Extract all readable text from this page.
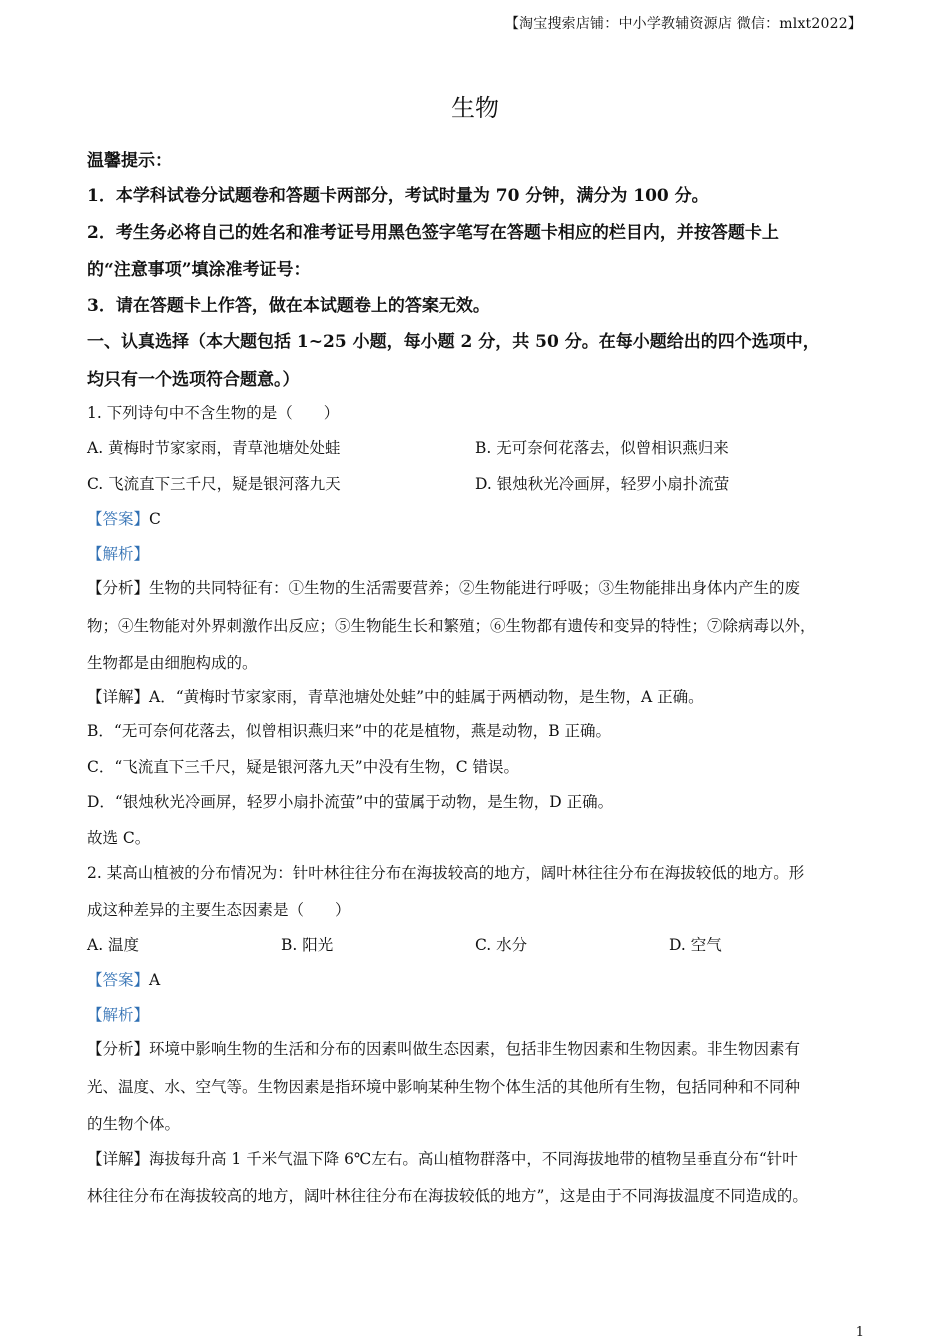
【淘宝搜索店铺：中小学教辅资源店 微信：mlxt2022】
生物
温馨提示：
1．本学科试卷分试题卷和答题卡两部分，考试时量为 70 分钟，满分为 100 分。
2．考生务必将自己的姓名和准考证号用黑色签字笔写在答题卡相应的栏目内，并按答题卡上
的“注意事项”填涂准考证号：
3．请在答题卡上作答，做在本试题卷上的答案无效。
一、认真选择（本大题包括 1~25 小题，每小题 2 分，共 50 分。在每小题给出的四个选项中，
均只有一个选项符合题意。）
1. 下列诗句中不含生物的是（　　）
A. 黄梅时节家家雨，青草池塘处处蛙	B. 无可奈何花落去，似曾相识燕归来
C. 飞流直下三千尺，疑是银河落九天	D. 银烛秋光冷画屏，轻罗小扇扑流萤
【答案】C
【解析】
【分析】生物的共同特征有：①生物的生活需要营养；②生物能进行呼吸；③生物能排出身体内产生的废
物；④生物能对外界刺激作出反应；⑤生物能生长和繁殖；⑥生物都有遗传和变异的特性；⑦除病毒以外，
生物都是由细胞构成的。
【详解】A．“黄梅时节家家雨，青草池塘处处蛙”中的蛙属于两栖动物，是生物，A 正确。
B．“无可奈何花落去，似曾相识燕归来”中的花是植物，燕是动物，B 正确。
C．“飞流直下三千尺，疑是银河落九天”中没有生物，C 错误。
D．“银烛秋光冷画屏，轻罗小扇扑流萤”中的萤属于动物，是生物，D 正确。
故选 C。
2. 某高山植被的分布情况为：针叶林往往分布在海拔较高的地方，阔叶林往往分布在海拔较低的地方。形
成这种差异的主要生态因素是（　　）
A. 温度	B. 阳光	C. 水分	D. 空气
【答案】A
【解析】
【分析】环境中影响生物的生活和分布的因素叫做生态因素，包括非生物因素和生物因素。非生物因素有
光、温度、水、空气等。生物因素是指环境中影响某种生物个体生活的其他所有生物，包括同种和不同种
的生物个体。
【详解】海拔每升高 1 千米气温下降 6℃左右。高山植物群落中，不同海拔地带的植物呈垂直分布“针叶
林往往分布在海拔较高的地方，阔叶林往往分布在海拔较低的地方”，这是由于不同海拔温度不同造成的。
1
